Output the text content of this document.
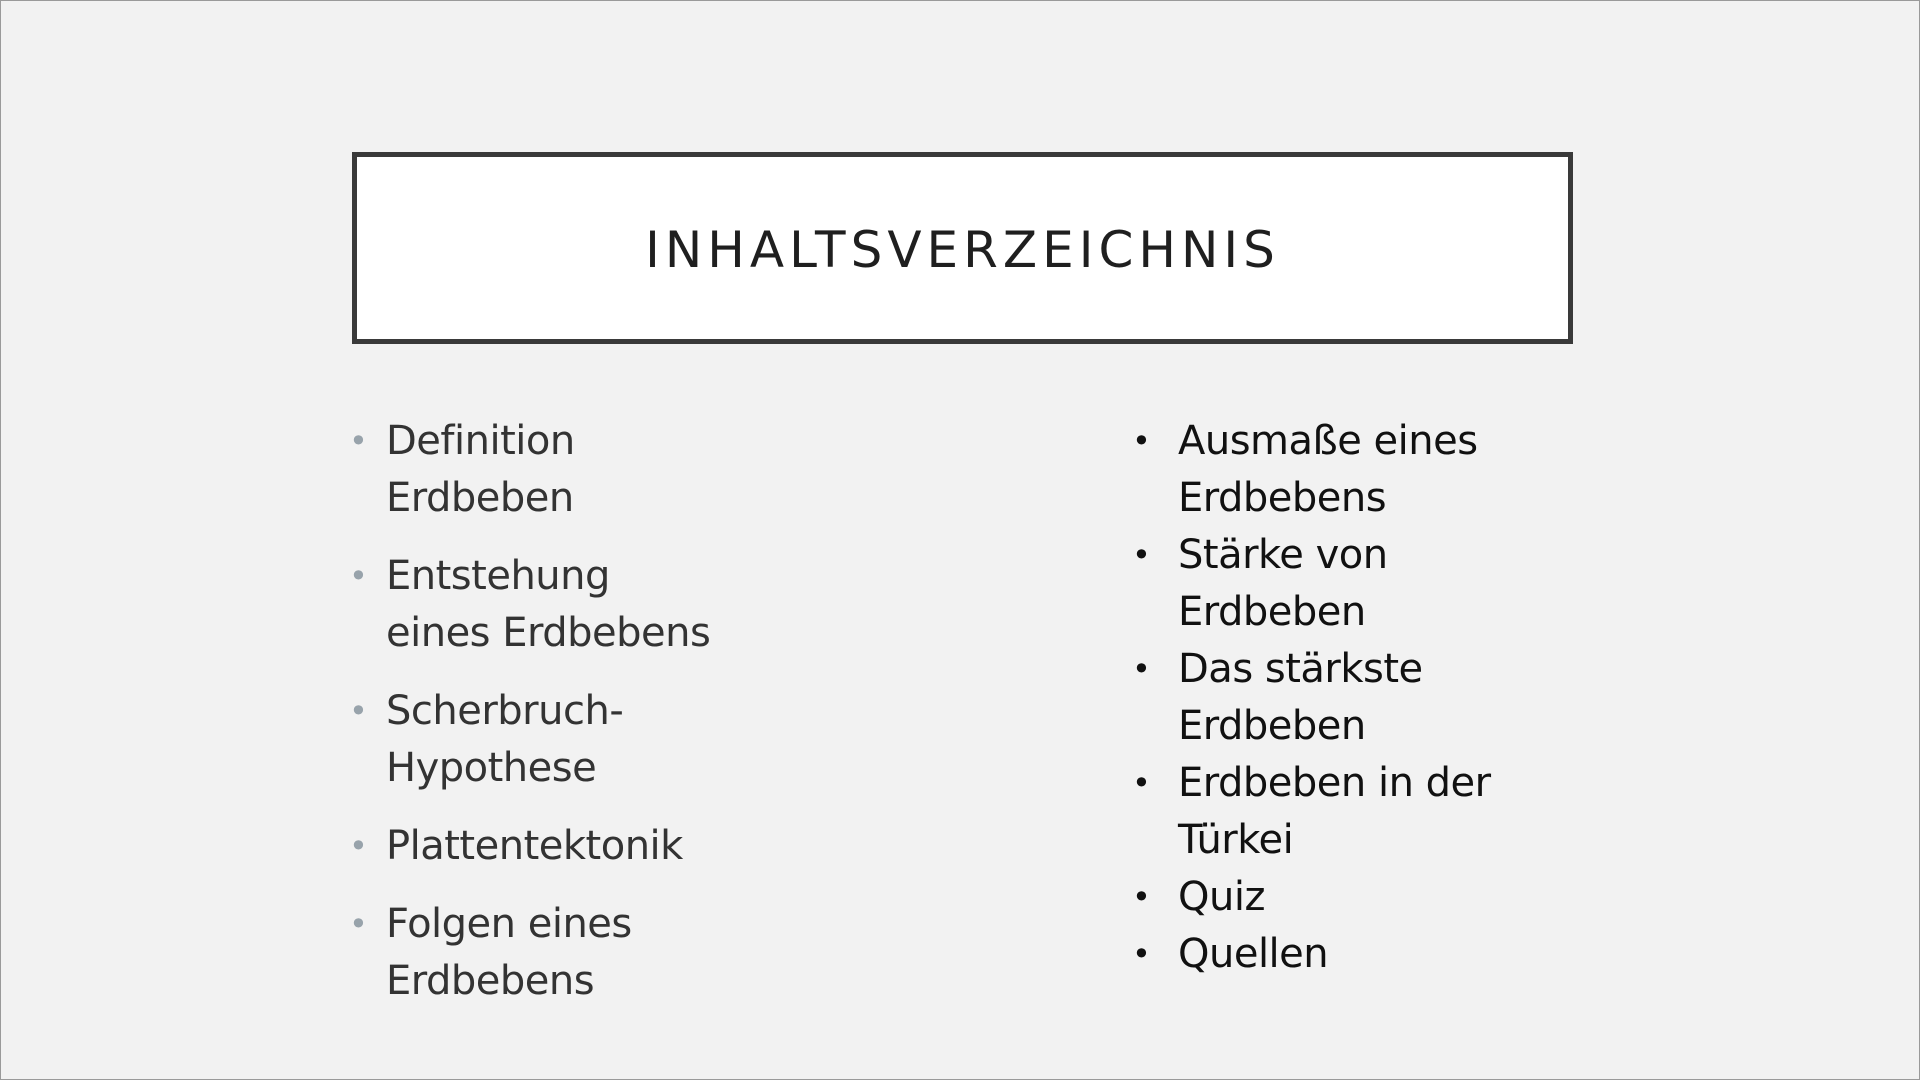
INHALTSVERZEICHNIS
• Definition
Erdbeben
• Entstehung
eines Erdbebens
• Scherbruch-
Hypothese
• Plattentektonik
• Folgen eines
Erdbebens
• Ausmaße eines
Erdbebens
• Stärke von
Erdbeben
• Das stärkste
Erdbeben
• Erdbeben in der
Türkei
• Quiz
• Quellen
